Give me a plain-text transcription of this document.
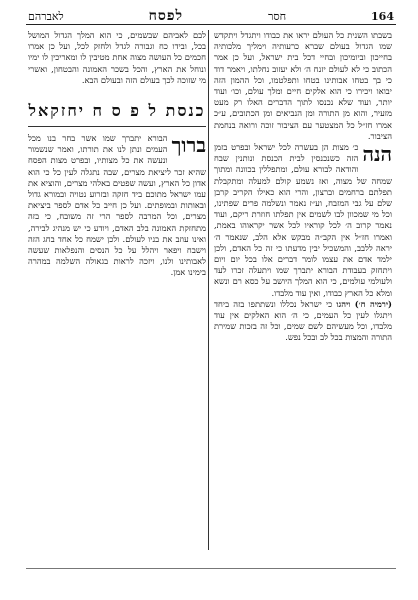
164
חסר
לפסח
לאברהם

בשבתו השנית כל העולם יראו את כבודו ויתגדל ויתקדש שמו הגדול בעולם שברא כרעותיה וימליך מלכותיה בחייכון וביומיכון ובחיי דכל בית ישראל, ועל כן אמר הכתוב כי לא לעולם יזנח ה׳ ולא יעזוב נחלתו, ויאמר דוד כי בך בטחו אבותינו בטחו ותפלטמו, וכל ההמון הזה יבואו ויכירו כי הוא אלקים חיים ומלך עולם, וכו׳ ועוד יותר, ועוד שלא נכנסו לתוך הדברים האלו רק מעט מזעיר, והוא מן התורה ומן הנביאים ומן הכתובים, ע״כ אמרו חז״ל כל המצטער עם הציבור זוכה ורואה בנחמת הציבור.

הנה
כ׳ מצות הן בעשרה לכל ישראל ובפרט בזמן הזה כשנכנסין לבית הכנסת ונותנין שבח והודאה לבורא עולם, ומתפללין בכוונה ומתוך שמחה של מצוה, ואז נשמע קולם למעלה ומתקבלת תפלתם ברחמים וברצון, והרי הוא כאילו הקריב קרבן שלם על גבי המזבח, וע״ז נאמר ונשלמה פרים שפתינו, וכל מי שמכוון לבו לשמים אין תפלתו חוזרת ריקם, ועוד נאמר קרוב ה׳ לכל קוראיו לכל אשר יקראוהו באמת, ואמרו חז״ל אין הקב״ה מבקש אלא הלב, שנאמר ה׳ יראה ללבב, והמשכיל יבין מדעתו כי זה כל האדם, ולכן ילמד אדם את עצמו לומר דברים אלו בכל יום ויום ויתחזק בעבודת הבורא יתברך שמו ויתעלה זכרו לעד ולעולמי עולמים, כי הוא המלך היושב על כסא רם ונשא ומלא כל הארץ כבודו, ואין עוד מלבדו.

(ירמיה ח׳) ויהגו כי ישראל נכללו ונשתתפו בזה ביחד ויתגלו לעין כל העמים, כי ה׳ הוא האלקים אין עוד מלבדו, וכל מעשיהם לשם שמים, וכל זה בזכות שמירת התורה והמצות בכל לב ובכל נפש.

לבם לאביהם שבשמים, כי הוא המלך הגדול המושל בכל, ובידו כח וגבורה לגדל ולחזק לכל, ועל כן אמרו חכמים כל העושה מצוה אחת מטיבין לו ומאריכין לו ימיו ונוחל את הארץ, והכל בשכר האמונה והבטחון, ואשרי מי שזוכה לכך בעולם הזה ובעולם הבא.

כנסת ל פ ס ח יחזקאל

ברוך
הבורא יתברך שמו אשר בחר בנו מכל העמים ונתן לנו את תורתו, ואמר שנשמור ונעשה את כל מצותיו, ובפרט מצות הפסח שהיא זכר ליציאת מצרים, שבה נתגלה לעין כל כי הוא אדון כל הארץ, ועשה שפטים באלהי מצרים, והוציא את עמו ישראל מתוכם ביד חזקה ובזרוע נטויה ובמורא גדול ובאותות ובמופתים. ועל כן חייב כל אדם לספר ביציאת מצרים, וכל המרבה לספר הרי זה משובח, כי בזה מתחזקת האמונה בלב האדם, ויודע כי יש מנהיג לבירה, ואינו עוזב את בניו לעולם. ולכן ישמח כל אחד בחג הזה וישבח ויפאר ויהלל על כל הנסים והנפלאות שעשה לאבותינו ולנו, ויזכה לראות בגאולה השלמה במהרה בימינו אמן.
